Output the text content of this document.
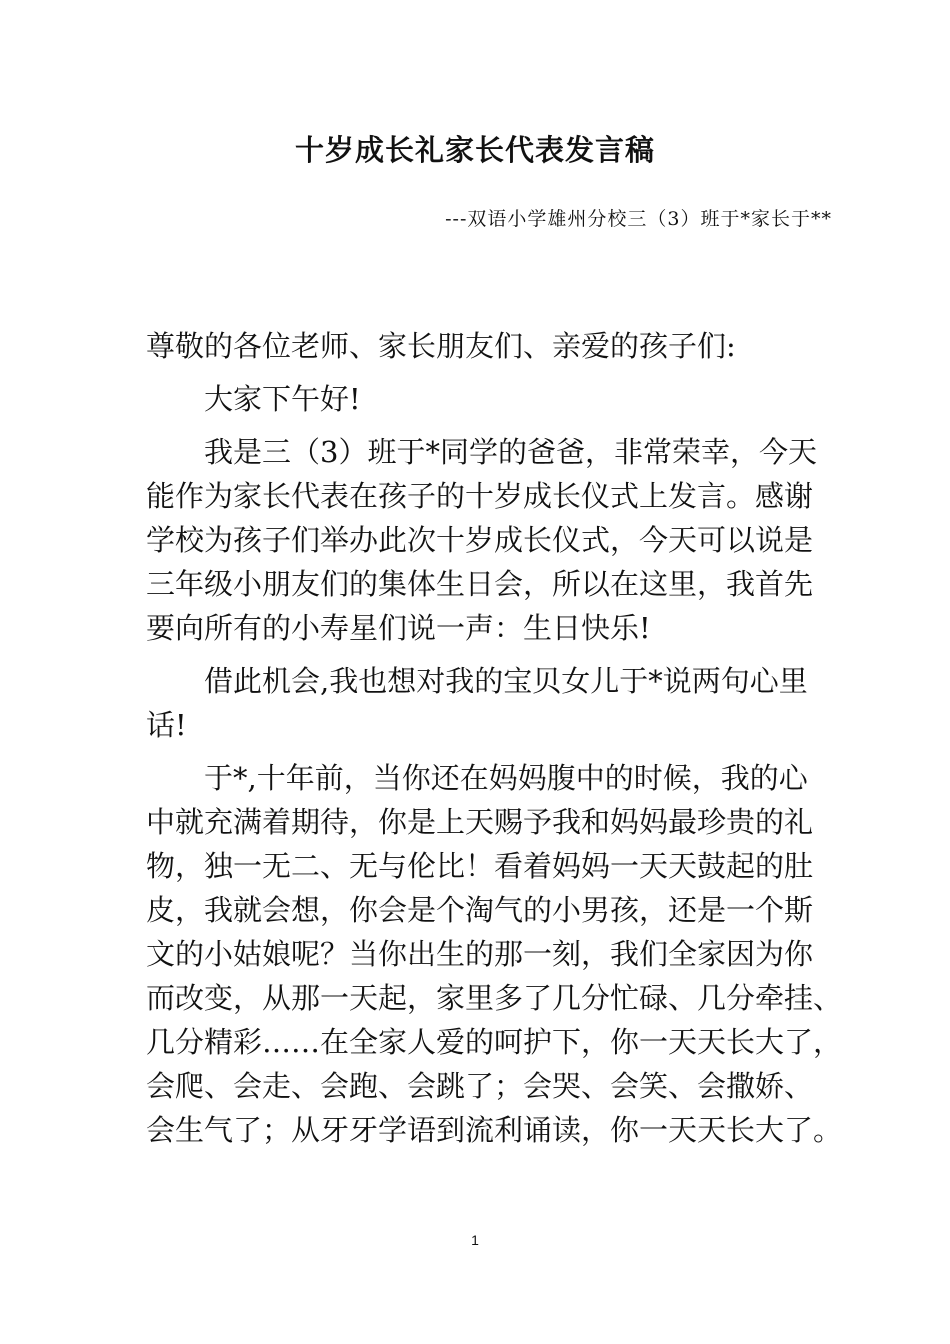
十岁成长礼家长代表发言稿

---双语小学雄州分校三（3）班于*家长于**

尊敬的各位老师、家长朋友们、亲爱的孩子们:
大家下午好!
我是三（3）班于*同学的爸爸，非常荣幸，今天
能作为家长代表在孩子的十岁成长仪式上发言。感谢
学校为孩子们举办此次十岁成长仪式，今天可以说是
三年级小朋友们的集体生日会，所以在这里，我首先
要向所有的小寿星们说一声：生日快乐!
借此机会,我也想对我的宝贝女儿于*说两句心里
话!
于*,十年前，当你还在妈妈腹中的时候，我的心
中就充满着期待，你是上天赐予我和妈妈最珍贵的礼
物，独一无二、无与伦比！看着妈妈一天天鼓起的肚
皮，我就会想，你会是个淘气的小男孩，还是一个斯
文的小姑娘呢？当你出生的那一刻，我们全家因为你
而改变，从那一天起，家里多了几分忙碌、几分牵挂、
几分精彩……在全家人爱的呵护下，你一天天长大了，
会爬、会走、会跑、会跳了；会哭、会笑、会撒娇、
会生气了；从牙牙学语到流利诵读，你一天天长大了。
1
